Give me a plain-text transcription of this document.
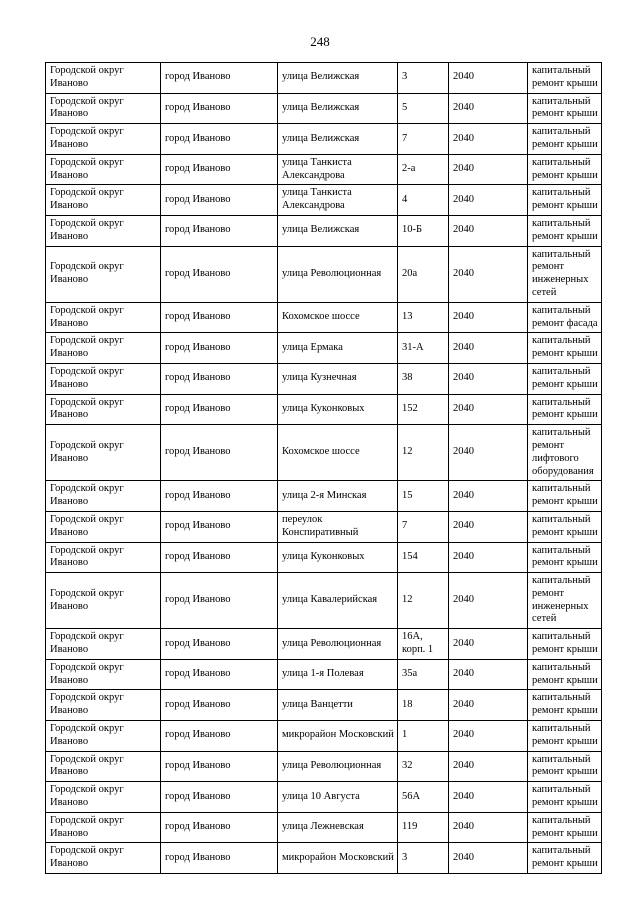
248
Городской округ Иваново	город Иваново	улица Велижская	3	2040	капитальный ремонт крыши
Городской округ Иваново	город Иваново	улица Велижская	5	2040	капитальный ремонт крыши
Городской округ Иваново	город Иваново	улица Велижская	7	2040	капитальный ремонт крыши
Городской округ Иваново	город Иваново	улица Танкиста Александрова	2-а	2040	капитальный ремонт крыши
Городской округ Иваново	город Иваново	улица Танкиста Александрова	4	2040	капитальный ремонт крыши
Городской округ Иваново	город Иваново	улица Велижская	10-Б	2040	капитальный ремонт крыши
Городской округ Иваново	город Иваново	улица Революционная	20а	2040	капитальный ремонт инженерных сетей
Городской округ Иваново	город Иваново	Кохомское шоссе	13	2040	капитальный ремонт фасада
Городской округ Иваново	город Иваново	улица Ермака	31-А	2040	капитальный ремонт крыши
Городской округ Иваново	город Иваново	улица Кузнечная	38	2040	капитальный ремонт крыши
Городской округ Иваново	город Иваново	улица Куконковых	152	2040	капитальный ремонт крыши
Городской округ Иваново	город Иваново	Кохомское шоссе	12	2040	капитальный ремонт лифтового оборудования
Городской округ Иваново	город Иваново	улица 2-я Минская	15	2040	капитальный ремонт крыши
Городской округ Иваново	город Иваново	переулок Конспиративный	7	2040	капитальный ремонт крыши
Городской округ Иваново	город Иваново	улица Куконковых	154	2040	капитальный ремонт крыши
Городской округ Иваново	город Иваново	улица Кавалерийская	12	2040	капитальный ремонт инженерных сетей
Городской округ Иваново	город Иваново	улица Революционная	16А, корп. 1	2040	капитальный ремонт крыши
Городской округ Иваново	город Иваново	улица 1-я Полевая	35а	2040	капитальный ремонт крыши
Городской округ Иваново	город Иваново	улица Ванцетти	18	2040	капитальный ремонт крыши
Городской округ Иваново	город Иваново	микрорайон Московский	1	2040	капитальный ремонт крыши
Городской округ Иваново	город Иваново	улица Революционная	32	2040	капитальный ремонт крыши
Городской округ Иваново	город Иваново	улица 10 Августа	56А	2040	капитальный ремонт крыши
Городской округ Иваново	город Иваново	улица Лежневская	119	2040	капитальный ремонт крыши
Городской округ Иваново	город Иваново	микрорайон Московский	3	2040	капитальный ремонт крыши
